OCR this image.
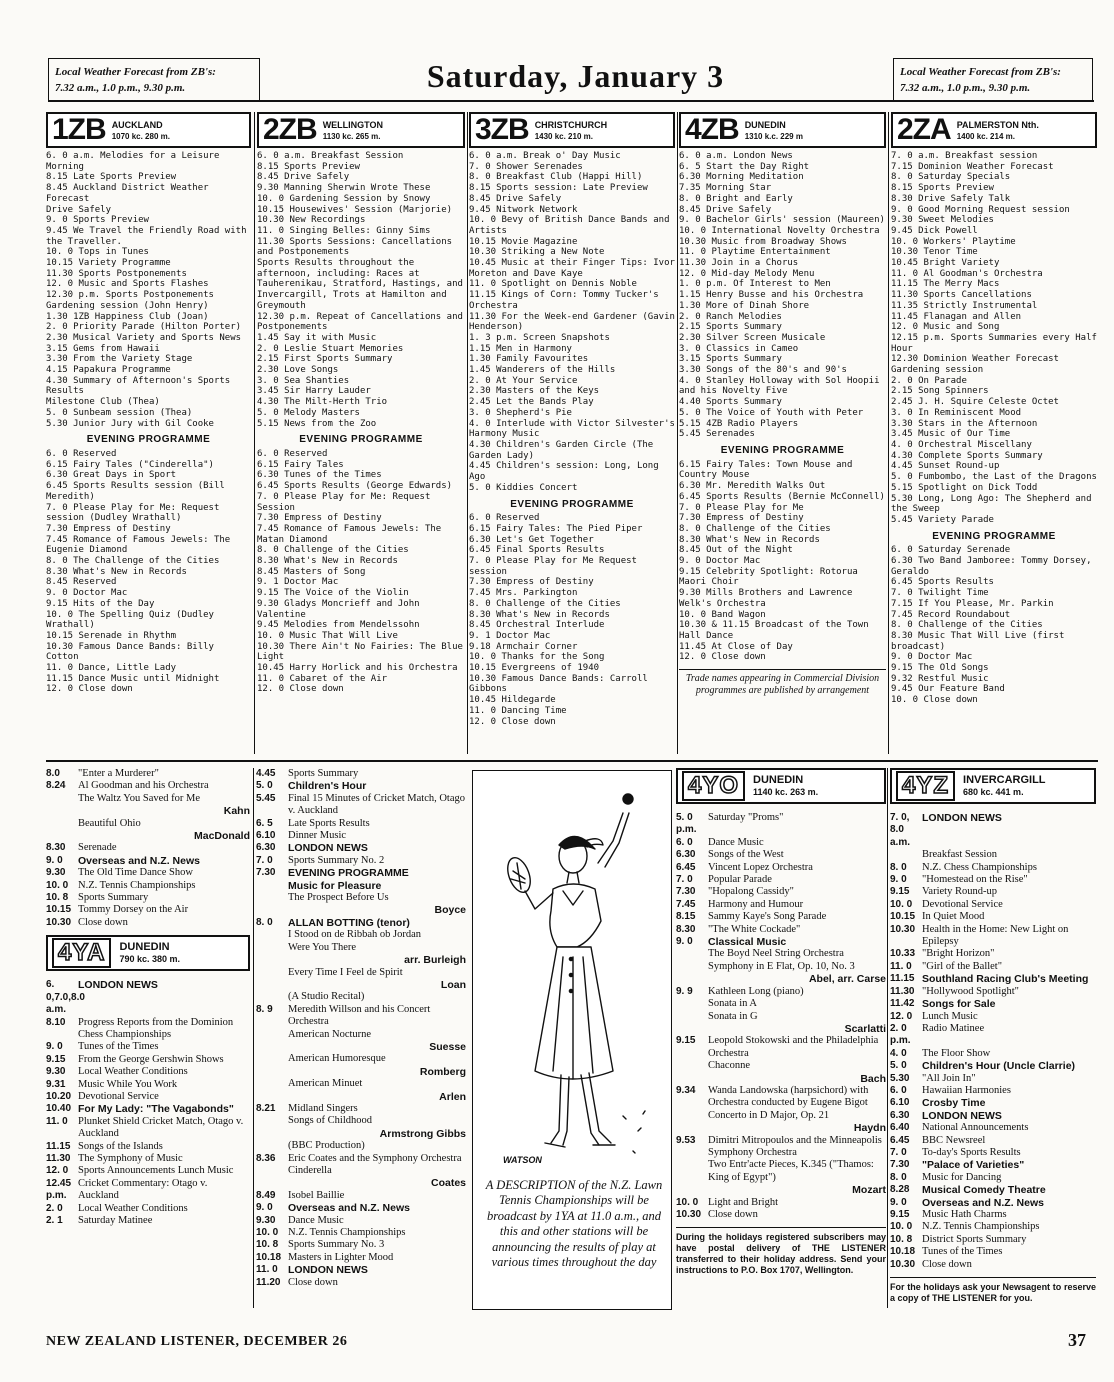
Local Weather Forecast from ZB's:
7.32 a.m., 1.0 p.m., 9.30 p.m.	Saturday, January 3	Local Weather Forecast from ZB's:
7.32 a.m., 1.0 p.m., 9.30 p.m.
1ZB AUCKLAND
1070 kc. 280 m.
6. 0 a.m. Melodies for a Leisure Morning
8.15 Late Sports Preview
8.45 Auckland District Weather Forecast
Drive Safely
9. 0 Sports Preview
9.45 We Travel the Friendly Road with the Traveller.
10. 0 Tops in Tunes
10.15 Variety Programme
11.30 Sports Postponements
12. 0 Music and Sports Flashes
12.30 p.m. Sports Postponements Gardening session (John Henry)
1.30 1ZB Happiness Club (Joan)
2. 0 Priority Parade (Hilton Porter)
2.30 Musical Variety and Sports News
3.15 Gems from Hawaii
3.30 From the Variety Stage
4.15 Papakura Programme
4.30 Summary of Afternoon's Sports Results
Milestone Club (Thea)
5. 0 Sunbeam session (Thea)
5.30 Junior Jury with Gil Cooke
EVENING PROGRAMME
6. 0 Reserved
6.15 Fairy Tales ("Cinderella")
6.30 Great Days in Sport
6.45 Sports Results session (Bill Meredith)
7. 0 Please Play for Me: Request session (Dudley Wrathall)
7.30 Empress of Destiny
7.45 Romance of Famous Jewels: The Eugenie Diamond
8. 0 The Challenge of the Cities
8.30 What's New in Records
8.45 Reserved
9. 0 Doctor Mac
9.15 Hits of the Day
10. 0 The Spelling Quiz (Dudley Wrathall)
10.15 Serenade in Rhythm
10.30 Famous Dance Bands: Billy Cotton
11. 0 Dance, Little Lady
11.15 Dance Music until Midnight
12. 0 Close down
2ZB WELLINGTON
1130 kc. 265 m.
6. 0 a.m. Breakfast Session
8.15 Sports Preview
8.45 Drive Safely
9.30 Manning Sherwin Wrote These
10. 0 Gardening Session by Snowy
10.15 Housewives' Session (Marjorie)
10.30 New Recordings
11. 0 Singing Belles: Ginny Sims
11.30 Sports Sessions: Cancellations and Postponements
Sports Results throughout the afternoon, including: Races at Tauherenikau, Stratford, Hastings, and Invercargill, Trots at Hamilton and Greymouth
12.30 p.m. Repeat of Cancellations and Postponements
1.45 Say it with Music
2. 0 Leslie Stuart Memories
2.15 First Sports Summary
2.30 Love Songs
3. 0 Sea Shanties
3.45 Sir Harry Lauder
4.30 The Milt-Herth Trio
5. 0 Melody Masters
5.15 News from the Zoo
EVENING PROGRAMME
6. 0 Reserved
6.15 Fairy Tales
6.30 Tunes of the Times
6.45 Sports Results (George Edwards)
7. 0 Please Play for Me: Request Session
7.30 Empress of Destiny
7.45 Romance of Famous Jewels: The Matan Diamond
8. 0 Challenge of the Cities
8.30 What's New in Records
8.45 Masters of Song
9. 1 Doctor Mac
9.15 The Voice of the Violin
9.30 Gladys Moncrieff and John Valentine
9.45 Melodies from Mendelssohn
10. 0 Music That Will Live
10.30 There Ain't No Fairies: The Blue Light
10.45 Harry Horlick and his Orchestra
11. 0 Cabaret of the Air
12. 0 Close down
3ZB CHRISTCHURCH
1430 kc. 210 m.
6. 0 a.m. Break o' Day Music
7. 0 Shower Serenades
8. 0 Breakfast Club (Happi Hill)
8.15 Sports session: Late Preview
8.45 Drive Safely
9.45 Nitwork Network
10. 0 Bevy of British Dance Bands and Artists
10.15 Movie Magazine
10.30 Striking a New Note
10.45 Music at their Finger Tips: Ivor Moreton and Dave Kaye
11. 0 Spotlight on Dennis Noble
11.15 Kings of Corn: Tommy Tucker's Orchestra
11.30 For the Week-end Gardener (Gavin Henderson)
1. 3 p.m. Screen Snapshots
1.15 Men in Harmony
1.30 Family Favourites
1.45 Wanderers of the Hills
2. 0 At Your Service
2.30 Masters of the Keys
2.45 Let the Bands Play
3. 0 Shepherd's Pie
4. 0 Interlude with Victor Silvester's Harmony Music
4.30 Children's Garden Circle (The Garden Lady)
4.45 Children's session: Long, Long Ago
5. 0 Kiddies Concert
EVENING PROGRAMME
6. 0 Reserved
6.15 Fairy Tales: The Pied Piper
6.30 Let's Get Together
6.45 Final Sports Results
7. 0 Please Play for Me Request session
7.30 Empress of Destiny
7.45 Mrs. Parkington
8. 0 Challenge of the Cities
8.30 What's New in Records
8.45 Orchestral Interlude
9. 1 Doctor Mac
9.18 Armchair Corner
10. 0 Thanks for the Song
10.15 Evergreens of 1940
10.30 Famous Dance Bands: Carroll Gibbons
10.45 Hildegarde
11. 0 Dancing Time
12. 0 Close down
4ZB DUNEDIN
1310 k.c. 229 m
6. 0 a.m. London News
6. 5 Start the Day Right
6.30 Morning Meditation
7.35 Morning Star
8. 0 Bright and Early
8.45 Drive Safely
9. 0 Bachelor Girls' session (Maureen)
10. 0 International Novelty Orchestra
10.30 Music from Broadway Shows
11. 0 Playtime Entertainment
11.30 Join in a Chorus
12. 0 Mid-day Melody Menu
1. 0 p.m. Of Interest to Men
1.15 Henry Busse and his Orchestra
1.30 More of Dinah Shore
2. 0 Ranch Melodies
2.15 Sports Summary
2.30 Silver Screen Musicale
3. 0 Classics in Cameo
3.15 Sports Summary
3.30 Songs of the 80's and 90's
4. 0 Stanley Holloway with Sol Hoopii and his Novelty Five
4.40 Sports Summary
5. 0 The Voice of Youth with Peter
5.15 4ZB Radio Players
5.45 Serenades
EVENING PROGRAMME
6.15 Fairy Tales: Town Mouse and Country Mouse
6.30 Mr. Meredith Walks Out
6.45 Sports Results (Bernie McConnell)
7. 0 Please Play for Me
7.30 Empress of Destiny
8. 0 Challenge of the Cities
8.30 What's New in Records
8.45 Out of the Night
9. 0 Doctor Mac
9.15 Celebrity Spotlight: Rotorua Maori Choir
9.30 Mills Brothers and Lawrence Welk's Orchestra
10. 0 Band Wagon
10.30 & 11.15 Broadcast of the Town Hall Dance
11.45 At Close of Day
12. 0 Close down
Trade names appearing in Commercial Division programmes are published by arrangement
2ZA PALMERSTON Nth.
1400 kc. 214 m.
7. 0 a.m. Breakfast session
7.15 Dominion Weather Forecast
8. 0 Saturday Specials
8.15 Sports Preview
8.30 Drive Safely Talk
9. 0 Good Morning Request session
9.30 Sweet Melodies
9.45 Dick Powell
10. 0 Workers' Playtime
10.30 Tenor Time
10.45 Bright Variety
11. 0 Al Goodman's Orchestra
11.15 The Merry Macs
11.30 Sports Cancellations
11.35 Strictly Instrumental
11.45 Flanagan and Allen
12. 0 Music and Song
12.15 p.m. Sports Summaries every Half Hour
12.30 Dominion Weather Forecast
Gardening session
2. 0 On Parade
2.15 Song Spinners
2.45 J. H. Squire Celeste Octet
3. 0 In Reminiscent Mood
3.30 Stars in the Afternoon
3.45 Music of Our Time
4. 0 Orchestral Miscellany
4.30 Complete Sports Summary
4.45 Sunset Round-up
5. 0 Fumbombo, the Last of the Dragons
5.15 Spotlight on Dick Todd
5.30 Long, Long Ago: The Shepherd and the Sweep
5.45 Variety Parade
EVENING PROGRAMME
6. 0 Saturday Serenade
6.30 Two Band Jamboree: Tommy Dorsey, Geraldo
6.45 Sports Results
7. 0 Twilight Time
7.15 If You Please, Mr. Parkin
7.45 Record Roundabout
8. 0 Challenge of the Cities
8.30 Music That Will Live (first broadcast)
9. 0 Doctor Mac
9.15 The Old Songs
9.32 Restful Music
9.45 Our Feature Band
10. 0 Close down
8.0	"Enter a Murderer"
8.24	Al Goodman and his Orchestra
The Waltz You Saved for Me
Kahn
Beautiful Ohio
MacDonald
8.30	Serenade
9. 0	Overseas and N.Z. News
9.30	The Old Time Dance Show
10. 0 N.Z. Tennis Championships
10. 8 Sports Summary
10.15 Tommy Dorsey on the Air
10.30 Close down
4YA	DUNEDIN
790 kc. 380 m.
6. 0,7.0,8.0 a.m.
LONDON NEWS
8.10	Progress Reports from the Dominion Chess Championships
9. 0	Tunes of the Times
9.15	From the George Gershwin Shows
9.30	Local Weather Conditions
9.31	Music While You Work
10.20 Devotional Service
10.40 For My Lady: "The Vagabonds"
11. 0 Plunket Shield Cricket Match, Otago v. Auckland
11.15 Songs of the Islands
11.30 The Symphony of Music
12. 0 Sports Announcements Lunch Music
12.45 p.m.
Cricket Commentary: Otago v. Auckland
2. 0	Local Weather Conditions
2. 1	Saturday Matinee
4.45	Sports Summary
5. 0	Children's Hour
5.45	Final 15 Minutes of Cricket Match, Otago v. Auckland
6. 5	Late Sports Results
6.10	Dinner Music
6.30	LONDON NEWS
7. 0	Sports Summary No. 2
7.30	EVENING PROGRAMME
Music for Pleasure
The Prospect Before Us
Boyce
8. 0	ALLAN BOTTING (tenor)
I Stood on de Ribbah ob Jordan
Were You There
arr. Burleigh
Every Time I Feel de Spirit
Loan
(A Studio Recital)
8. 9	Meredith Willson and his Concert Orchestra
American Nocturne
Suesse
American Humoresque
Romberg
American Minuet
Arlen
8.21	Midland Singers
Songs of Childhood
Armstrong Gibbs
(BBC Production)
8.36	Eric Coates and the Symphony Orchestra
Cinderella
Coates
8.49	Isobel Baillie
9. 0	Overseas and N.Z. News
9.30	Dance Music
10. 0 N.Z. Tennis Championships
10. 8 Sports Summary No. 3
10.18 Masters in Lighter Mood
11. 0 LONDON NEWS
11.20 Close down
WATSON
A DESCRIPTION of the N.Z. Lawn Tennis Championships will be broadcast by 1YA at 11.0 a.m., and this and other stations will be announcing the results of play at various times throughout the day
4YO	DUNEDIN
1140 kc. 263 m.
5. 0 p.m.
Saturday "Proms"
6. 0	Dance Music
6.30	Songs of the West
6.45	Vincent Lopez Orchestra
7. 0	Popular Parade
7.30	"Hopalong Cassidy"
7.45	Harmony and Humour
8.15	Sammy Kaye's Song Parade
8.30	"The White Cockade"
9. 0	Classical Music
The Boyd Neel String Orchestra
Symphony in E Flat, Op. 10, No. 3
Abel, arr. Carse
9. 9	Kathleen Long (piano)
Sonata in A
Sonata in G
Scarlatti
9.15	Leopold Stokowski and the Philadelphia Orchestra
Chaconne
Bach
9.34	Wanda Landowska (harpsichord) with Orchestra conducted by Eugene Bigot
Concerto in D Major, Op. 21
Haydn
9.53	Dimitri Mitropoulos and the Minneapolis Symphony Orchestra
Two Entr'acte Pieces, K.345 ("Thamos: King of Egypt")
Mozart
10. 0 Light and Bright
10.30 Close down
During the holidays registered subscribers may have postal delivery of THE LISTENER transferred to their holiday address. Send your instructions to P.O. Box 1707, Wellington.
4YZ	INVERCARGILL
680 kc. 441 m.
7. 0, 8.0 a.m.
LONDON NEWS
Breakfast Session
8. 0	N.Z. Chess Championships
9. 0	"Homestead on the Rise"
9.15	Variety Round-up
10. 0 Devotional Service
10.15 In Quiet Mood
10.30 Health in the Home: New Light on Epilepsy
10.33 "Bright Horizon"
11. 0 "Girl of the Ballet"
11.15 Southland Racing Club's Meeting
11.30 "Hollywood Spotlight"
11.42 Songs for Sale
12. 0 Lunch Music
2. 0 p.m.
Radio Matinee
4. 0	The Floor Show
5. 0	Children's Hour (Uncle Clarrie)
5.30	"All Join In"
6. 0	Hawaiian Harmonies
6.10	Crosby Time
6.30	LONDON NEWS
6.40	National Announcements
6.45	BBC Newsreel
7. 0	To-day's Sports Results
7.30	"Palace of Varieties"
8. 0	Music for Dancing
8.28	Musical Comedy Theatre
9. 0	Overseas and N.Z. News
9.15	Music Hath Charms
10. 0 N.Z. Tennis Championships
10. 8 District Sports Summary
10.18 Tunes of the Times
10.30 Close down
For the holidays ask your Newsagent to reserve a copy of THE LISTENER for you.
NEW ZEALAND LISTENER, DECEMBER 26	37
